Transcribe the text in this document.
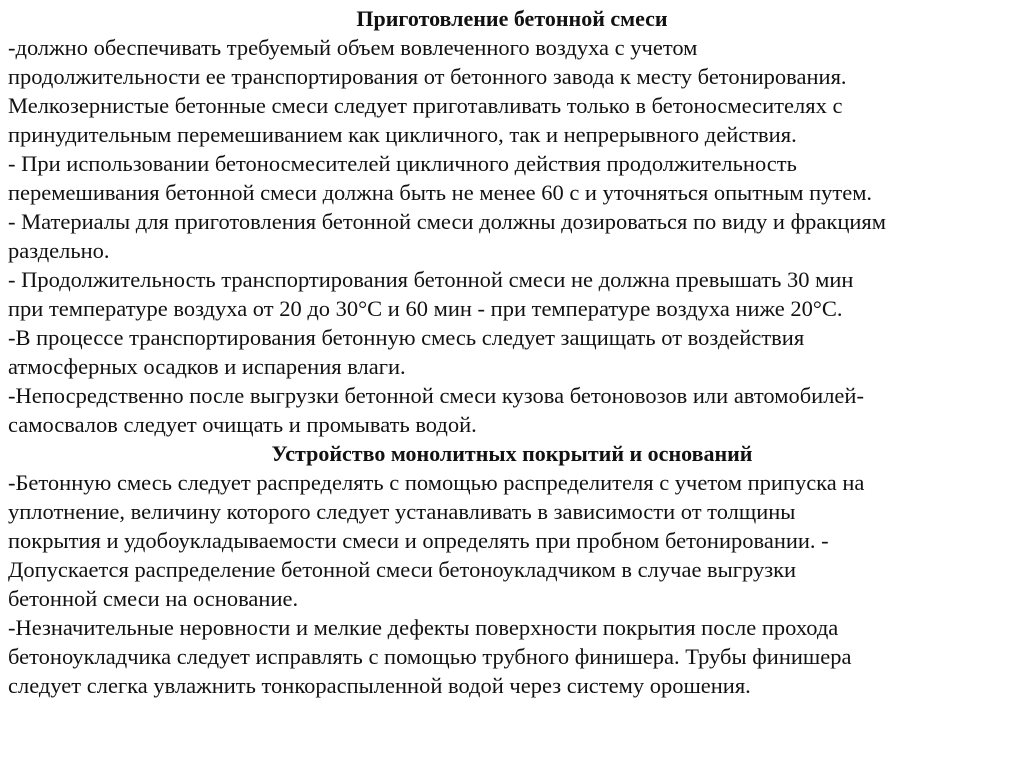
Приготовление бетонной смеси
-должно обеспечивать требуемый объем вовлеченного воздуха с учетом
продолжительности ее транспортирования от бетонного завода к месту бетонирования.
Мелкозернистые бетонные смеси следует приготавливать только в бетоносмесителях с
принудительным перемешиванием как цикличного, так и непрерывного действия.
- При использовании бетоносмесителей цикличного действия продолжительность
перемешивания бетонной смеси должна быть не менее 60 с и уточняться опытным путем.
- Материалы для приготовления бетонной смеси должны дозироваться по виду и фракциям
раздельно.
- Продолжительность транспортирования бетонной смеси не должна превышать 30 мин
при температуре воздуха от 20 до 30°С и 60 мин - при температуре воздуха ниже 20°С.
-В процессе транспортирования бетонную смесь следует защищать от воздействия
атмосферных осадков и испарения влаги.
-Непосредственно после выгрузки бетонной смеси кузова бетоновозов или автомобилей-
самосвалов следует очищать и промывать водой.
Устройство монолитных покрытий и оснований
-Бетонную смесь следует распределять с помощью распределителя с учетом припуска на
уплотнение, величину которого следует устанавливать в зависимости от толщины
покрытия и удобоукладываемости смеси и определять при пробном бетонировании. -
Допускается распределение бетонной смеси бетоноукладчиком в случае выгрузки
бетонной смеси на основание.
-Незначительные неровности и мелкие дефекты поверхности покрытия после прохода
бетоноукладчика следует исправлять с помощью трубного финишера. Трубы финишера
следует слегка увлажнить тонкораспыленной водой через систему орошения.
